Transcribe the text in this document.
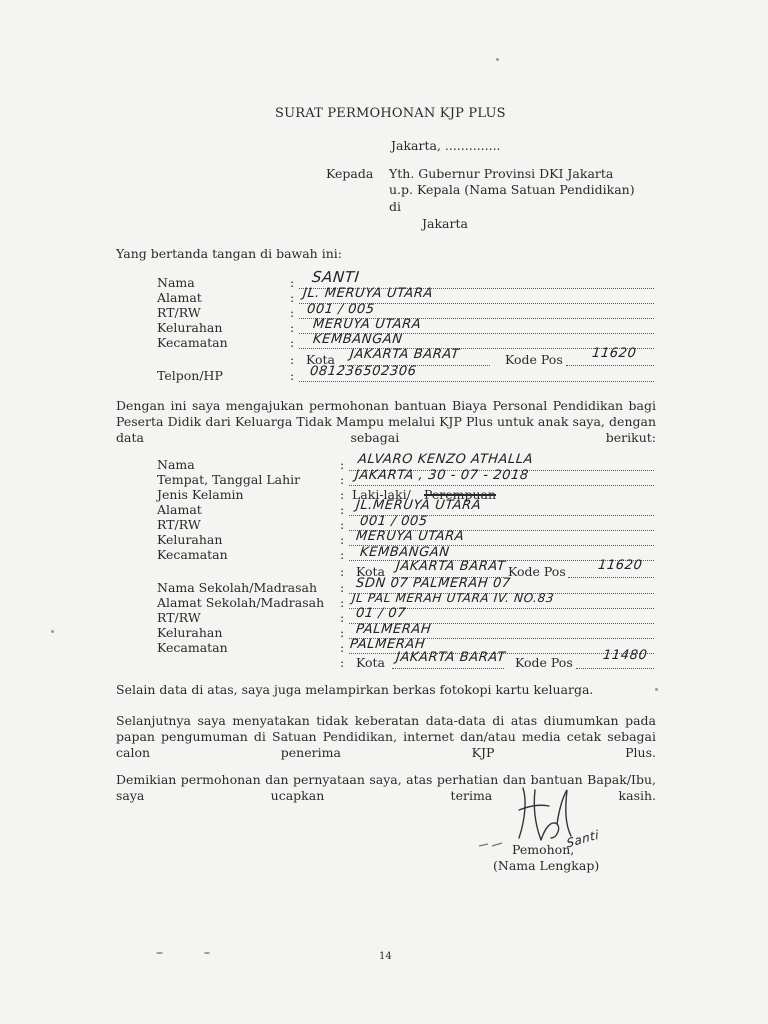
SURAT PERMOHONAN KJP PLUS
Jakarta, ..............
Kepada Yth. Gubernur Provinsi DKI Jakarta
u.p. Kepala (Nama Satuan Pendidikan)
di
Jakarta
Yang bertanda tangan di bawah ini:
Nama	: SANTI
Alamat	: JL. MERUYA UTARA
RT/RW	: 001 / 005
Kelurahan	: MERUYA UTARA
Kecamatan	: KEMBANGAN
: Kota JAKARTA BARAT	Kode Pos 11620
Telpon/HP	: 081236502306
Dengan ini saya mengajukan permohonan bantuan Biaya Personal Pendidikan bagi Peserta Didik dari Keluarga Tidak Mampu melalui KJP Plus untuk anak saya, dengan data sebagai berikut:
Nama	: ALVARO KENZO ATHALLA
Tempat, Tanggal Lahir	: JAKARTA , 30 - 07 - 2018
Jenis Kelamin	: Laki-laki/ Perempuan
Alamat	: JL.MERUYA UTARA
RT/RW	: 001 / 005
Kelurahan	: MERUYA UTARA
Kecamatan	: KEMBANGAN
: Kota JAKARTA BARAT Kode Pos 11620
Nama Sekolah/Madrasah : SDN 07 PALMERAH 07
Alamat Sekolah/Madrasah : JL PAL MERAH UTARA IV. NO.83
RT/RW	: 01 / 07
Kelurahan	: PALMERAH
Kecamatan	: PALMERAH
: Kota JAKARTA BARAT Kode Pos 11480
Selain data di atas, saya juga melampirkan berkas fotokopi kartu keluarga.
Selanjutnya saya menyatakan tidak keberatan data-data di atas diumumkan pada papan pengumuman di Satuan Pendidikan, internet dan/atau media cetak sebagai calon penerima KJP Plus.
Demikian permohonan dan pernyataan saya, atas perhatian dan bantuan Bapak/Ibu, saya ucapkan terima kasih.
Santi
Pemohon,
(Nama Lengkap)
14
